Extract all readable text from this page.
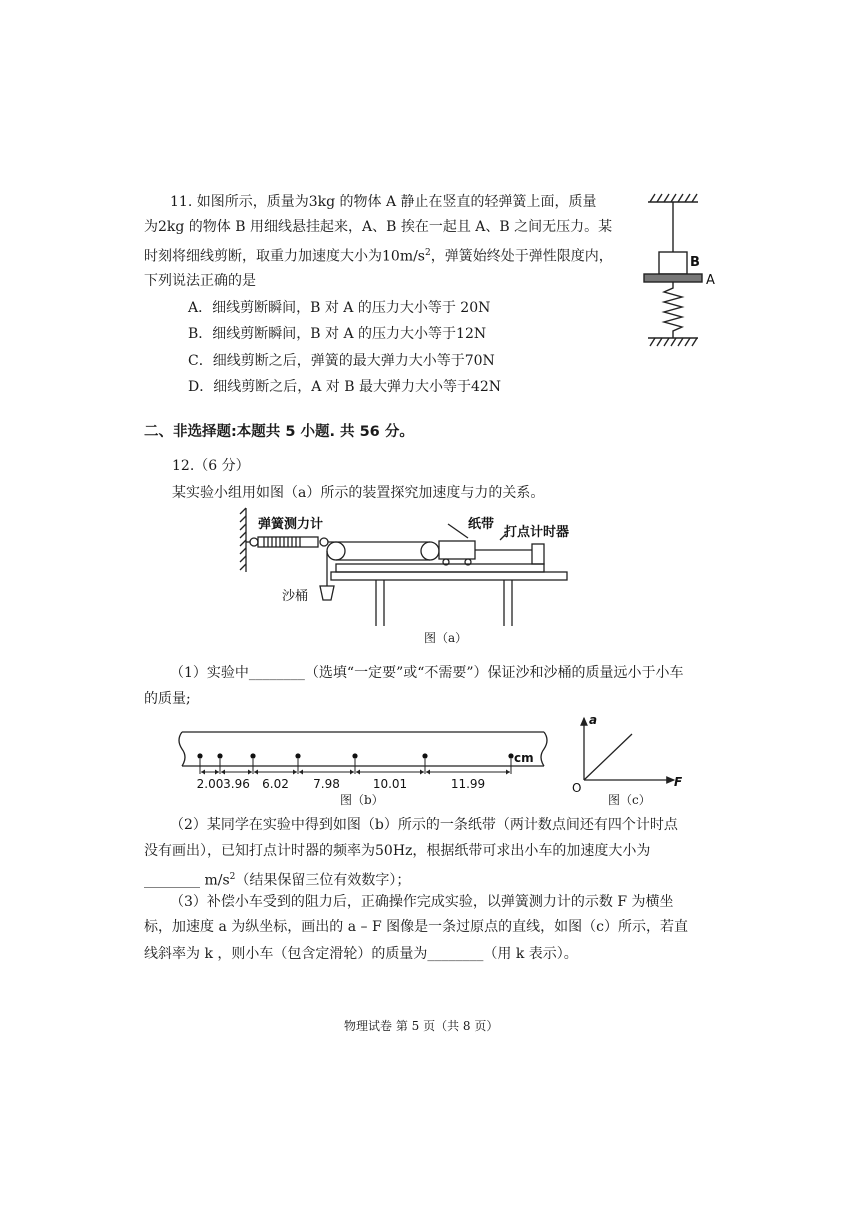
11. 如图所示，质量为3kg 的物体 A 静止在竖直的轻弹簧上面，质量
为2kg 的物体 B 用细线悬挂起来，A、B 挨在一起且 A、B 之间无压力。某
时刻将细线剪断，取重力加速度大小为$10m/s^2$，弹簧始终处于弹性限度内，
下列说法正确的是
A．细线剪断瞬间，B 对 A 的压力大小等于 20N
B．细线剪断瞬间，B 对 A 的压力大小等于12N
C．细线剪断之后，弹簧的最大弹力大小等于70N
D．细线剪断之后，A 对 B 最大弹力大小等于42N
B
A
二、非选择题:本题共 5 小题. 共 56 分。
12.（6 分）
某实验小组用如图（a）所示的装置探究加速度与力的关系。
弹簧测力计	纸带
打点计时器
沙桶
图（a）
（1）实验中________（选填“一定要”或“不需要”）保证沙和沙桶的质量远小于小车
的质量;
2.00 3.96 6.02 7.98	10.01	11.99
cm
图（b）
a
F
O
图（c）
（2）某同学在实验中得到如图（b）所示的一条纸带（两计数点间还有四个计时点
没有画出），已知打点计时器的频率为50Hz，根据纸带可求出小车的加速度大小为
________ $m/s^2$（结果保留三位有效数字）；
（3）补偿小车受到的阻力后，正确操作完成实验，以弹簧测力计的示数 F 为横坐
标，加速度 a 为纵坐标，画出的 a – F 图像是一条过原点的直线，如图（c）所示，若直
线斜率为 k ，则小车（包含定滑轮）的质量为________（用 k 表示）。
物理试卷 第 5 页（共 8 页）
